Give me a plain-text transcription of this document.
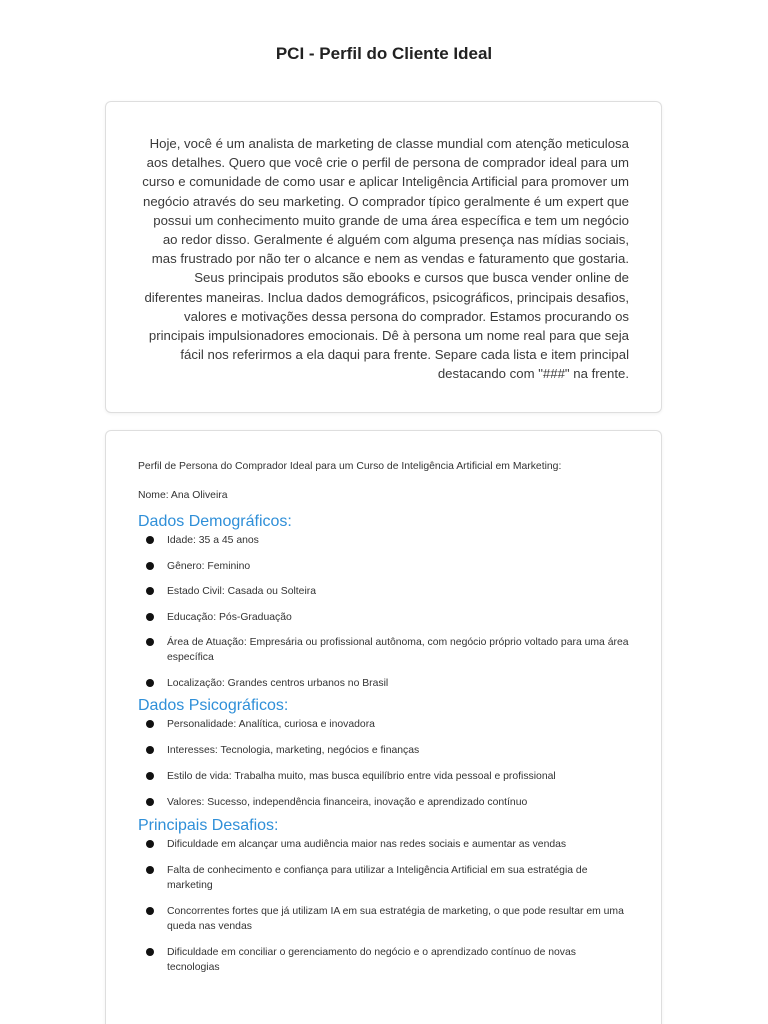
PCI - Perfil do Cliente Ideal

Hoje, você é um analista de marketing de classe mundial com atenção meticulosa aos detalhes. Quero que você crie o perfil de persona de comprador ideal para um curso e comunidade de como usar e aplicar Inteligência Artificial para promover um negócio através do seu marketing. O comprador típico geralmente é um expert que possui um conhecimento muito grande de uma área específica e tem um negócio ao redor disso. Geralmente é alguém com alguma presença nas mídias sociais, mas frustrado por não ter o alcance e nem as vendas e faturamento que gostaria. Seus principais produtos são ebooks e cursos que busca vender online de diferentes maneiras. Inclua dados demográficos, psicográficos, principais desafios, valores e motivações dessa persona do comprador. Estamos procurando os principais impulsionadores emocionais. Dê à persona um nome real para que seja fácil nos referirmos a ela daqui para frente. Separe cada lista e item principal destacando com "###" na frente.

Perfil de Persona do Comprador Ideal para um Curso de Inteligência Artificial em Marketing:

Nome: Ana Oliveira

Dados Demográficos:
Idade: 35 a 45 anos
Gênero: Feminino
Estado Civil: Casada ou Solteira
Educação: Pós-Graduação
Área de Atuação: Empresária ou profissional autônoma, com negócio próprio voltado para uma área específica
Localização: Grandes centros urbanos no Brasil
Dados Psicográficos:
Personalidade: Analítica, curiosa e inovadora
Interesses: Tecnologia, marketing, negócios e finanças
Estilo de vida: Trabalha muito, mas busca equilíbrio entre vida pessoal e profissional
Valores: Sucesso, independência financeira, inovação e aprendizado contínuo
Principais Desafios:
Dificuldade em alcançar uma audiência maior nas redes sociais e aumentar as vendas
Falta de conhecimento e confiança para utilizar a Inteligência Artificial em sua estratégia de marketing
Concorrentes fortes que já utilizam IA em sua estratégia de marketing, o que pode resultar em uma queda nas vendas
Dificuldade em conciliar o gerenciamento do negócio e o aprendizado contínuo de novas tecnologias
